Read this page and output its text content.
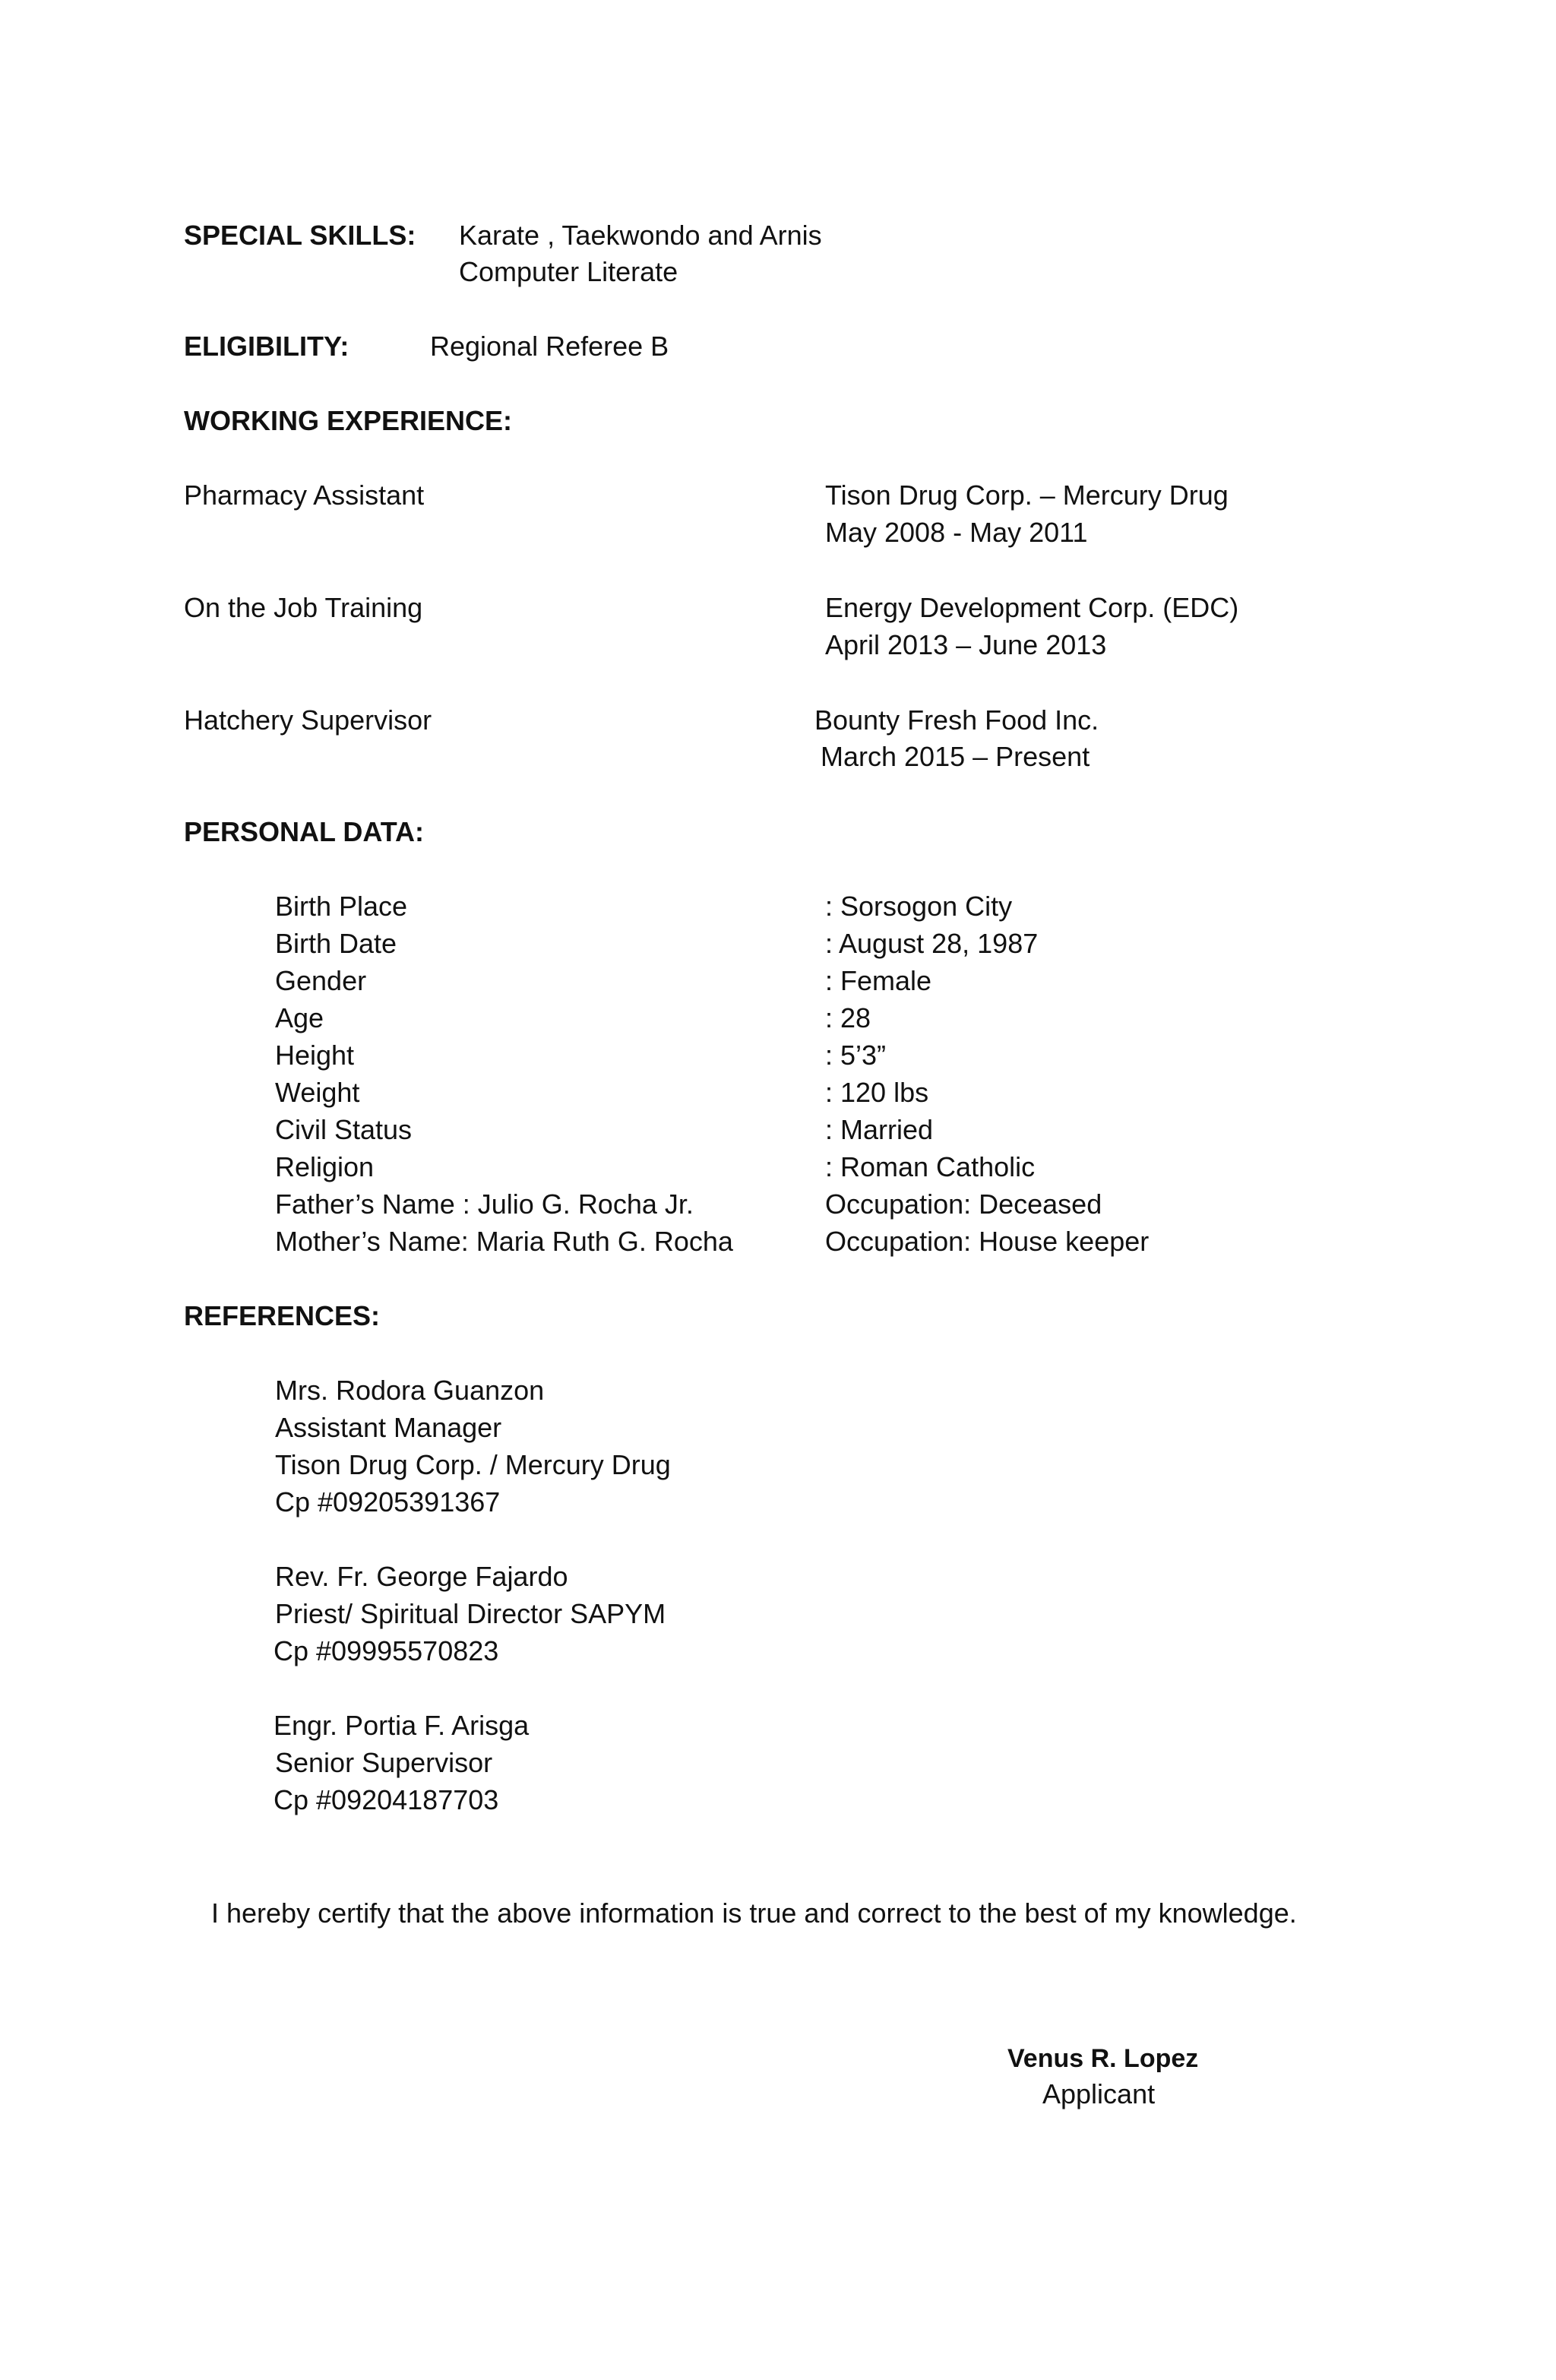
SPECIAL SKILLS: Karate , Taekwondo and Arnis
Computer Literate
ELIGIBILITY:	Regional Referee B
WORKING EXPERIENCE:
Pharmacy Assistant	Tison Drug Corp. – Mercury Drug
May 2008 - May 2011
On the Job Training	Energy Development Corp. (EDC)
April 2013 – June 2013
Hatchery Supervisor	Bounty Fresh Food Inc.
March 2015 – Present
PERSONAL DATA:
Birth Place	: Sorsogon City
Birth Date	: August 28, 1987
Gender	: Female
Age	: 28
Height	: 5’3”
Weight	: 120 lbs
Civil Status	: Married
Religion	: Roman Catholic
Father’s Name : Julio G. Rocha Jr.	Occupation: Deceased
Mother’s Name: Maria Ruth G. Rocha	Occupation: House keeper
REFERENCES:
Mrs. Rodora Guanzon
Assistant Manager
Tison Drug Corp. / Mercury Drug
Cp #09205391367
Rev. Fr. George Fajardo
Priest/ Spiritual Director SAPYM
Cp #09995570823
Engr. Portia F. Arisga
Senior Supervisor
Cp #09204187703
I hereby certify that the above information is true and correct to the best of my knowledge.
Venus R. Lopez
Applicant
